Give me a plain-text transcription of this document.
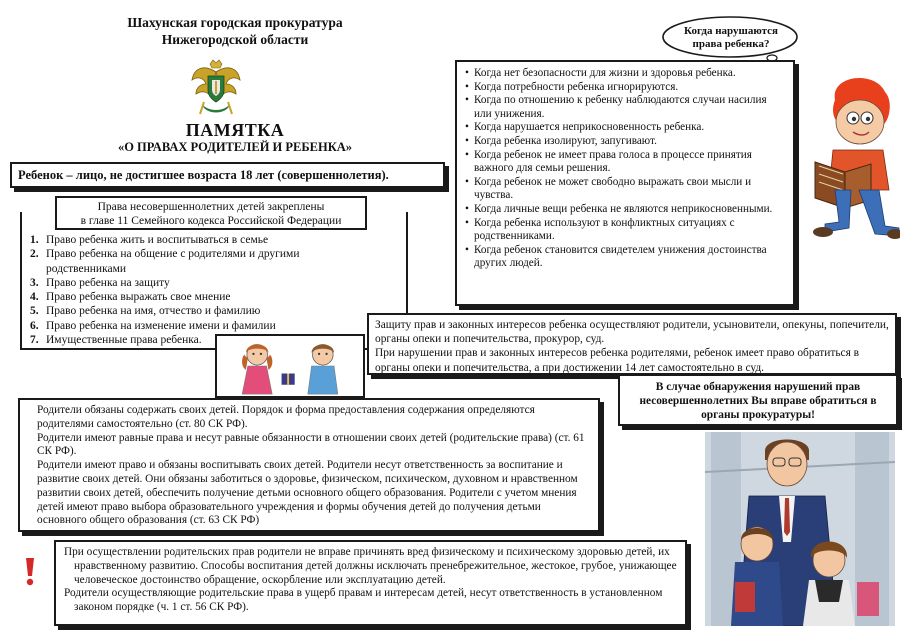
Шахунская городская прокуратура
Нижегородской области
ПАМЯТКА
«О ПРАВАХ РОДИТЕЛЕЙ И РЕБЕНКА»
Ребенок – лицо, не достигшее возраста 18 лет (совершеннолетия).
Права несовершеннолетних детей закреплены
в главе 11 Семейного кодекса Российской Федерации
1. Право ребенка жить и воспитываться в семье
2. Право ребенка на общение с родителями и другими родственниками
3. Право ребенка на защиту
4. Право ребенка выражать свое мнение
5. Право ребенка на имя, отчество и фамилию
6. Право ребенка на изменение имени и фамилии
7. Имущественные права ребенка.
Когда нарушаются
права ребенка?
• Когда нет безопасности для жизни и здоровья ребенка.
• Когда потребности ребенка игнорируются.
• Когда по отношению к ребенку наблюдаются случаи насилия или унижения.
• Когда нарушается неприкосновенность ребенка.
• Когда ребенка изолируют, запугивают.
• Когда ребенок не имеет права голоса в процессе принятия важного для семьи решения.
• Когда ребенок не может свободно выражать свои мысли и чувства.
• Когда личные вещи ребенка не являются неприкосновенными.
• Когда ребенка используют в конфликтных ситуациях с родственниками.
• Когда ребенок становится свидетелем унижения достоинства других людей.
Защиту прав и законных интересов ребенка осуществляют родители, усыновители, опекуны, попечители, органы опеки и попечительства, прокурор, суд.
При нарушении прав и законных интересов ребенка родителями, ребенок имеет право обратиться в органы опеки и попечительства, а при достижении 14 лет самостоятельно в суд.
В случае обнаружения нарушений прав несовершеннолетних Вы вправе обратиться в органы прокуратуры!

Родители обязаны содержать своих детей. Порядок и форма предоставления содержания определяются родителями самостоятельно (ст. 80 СК РФ).

Родители имеют равные права и несут равные обязанности в отношении своих детей (родительские права) (ст. 61 СК РФ).

Родители имеют право и обязаны воспитывать своих детей. Родители несут ответственность за воспитание и развитие своих детей. Они обязаны заботиться о здоровье, физическом, психическом, духовном и нравственном развитии своих детей, обеспечить получение детьми основного общего образования. Родители с учетом мнения детей имеют право выбора образовательного учреждения и формы обучения детей до получения детьми основного общего образования (ст. 63 СК РФ)

При осуществлении родительских прав родители не вправе причинять вред физическому и психическому здоровью детей, их нравственному развитию. Способы воспитания детей должны исключать пренебрежительное, жестокое, грубое, унижающее человеческое достоинство обращение, оскорбление или эксплуатацию детей.

Родители осуществляющие родительские права в ущерб правам и интересам детей, несут ответственность в установленном законом порядке (ч. 1 ст. 56 СК РФ).
